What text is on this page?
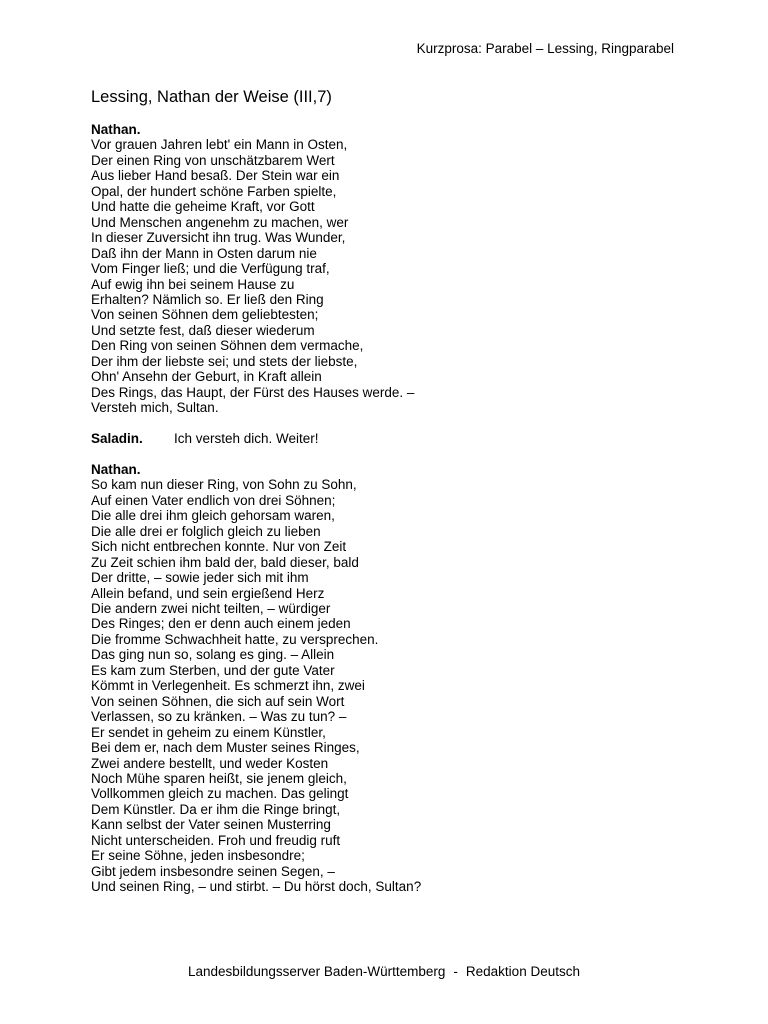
Kurzprosa: Parabel – Lessing, Ringparabel
Lessing, Nathan der Weise (III,7)
Nathan.
Vor grauen Jahren lebt' ein Mann in Osten,
Der einen Ring von unschätzbarem Wert
Aus lieber Hand besaß. Der Stein war ein
Opal, der hundert schöne Farben spielte,
Und hatte die geheime Kraft, vor Gott
Und Menschen angenehm zu machen, wer
In dieser Zuversicht ihn trug. Was Wunder,
Daß ihn der Mann in Osten darum nie
Vom Finger ließ; und die Verfügung traf,
Auf ewig ihn bei seinem Hause zu
Erhalten? Nämlich so. Er ließ den Ring
Von seinen Söhnen dem geliebtesten;
Und setzte fest, daß dieser wiederum
Den Ring von seinen Söhnen dem vermache,
Der ihm der liebste sei; und stets der liebste,
Ohn' Ansehn der Geburt, in Kraft allein
Des Rings, das Haupt, der Fürst des Hauses werde. –
Versteh mich, Sultan.
Saladin.	Ich versteh dich. Weiter!
Nathan.
So kam nun dieser Ring, von Sohn zu Sohn,
Auf einen Vater endlich von drei Söhnen;
Die alle drei ihm gleich gehorsam waren,
Die alle drei er folglich gleich zu lieben
Sich nicht entbrechen konnte. Nur von Zeit
Zu Zeit schien ihm bald der, bald dieser, bald
Der dritte, – sowie jeder sich mit ihm
Allein befand, und sein ergießend Herz
Die andern zwei nicht teilten, – würdiger
Des Ringes; den er denn auch einem jeden
Die fromme Schwachheit hatte, zu versprechen.
Das ging nun so, solang es ging. – Allein
Es kam zum Sterben, und der gute Vater
Kömmt in Verlegenheit. Es schmerzt ihn, zwei
Von seinen Söhnen, die sich auf sein Wort
Verlassen, so zu kränken. – Was zu tun? –
Er sendet in geheim zu einem Künstler,
Bei dem er, nach dem Muster seines Ringes,
Zwei andere bestellt, und weder Kosten
Noch Mühe sparen heißt, sie jenem gleich,
Vollkommen gleich zu machen. Das gelingt
Dem Künstler. Da er ihm die Ringe bringt,
Kann selbst der Vater seinen Musterring
Nicht unterscheiden. Froh und freudig ruft
Er seine Söhne, jeden insbesondre;
Gibt jedem insbesondre seinen Segen, –
Und seinen Ring, – und stirbt. – Du hörst doch, Sultan?
Landesbildungsserver Baden-Württemberg - Redaktion Deutsch
